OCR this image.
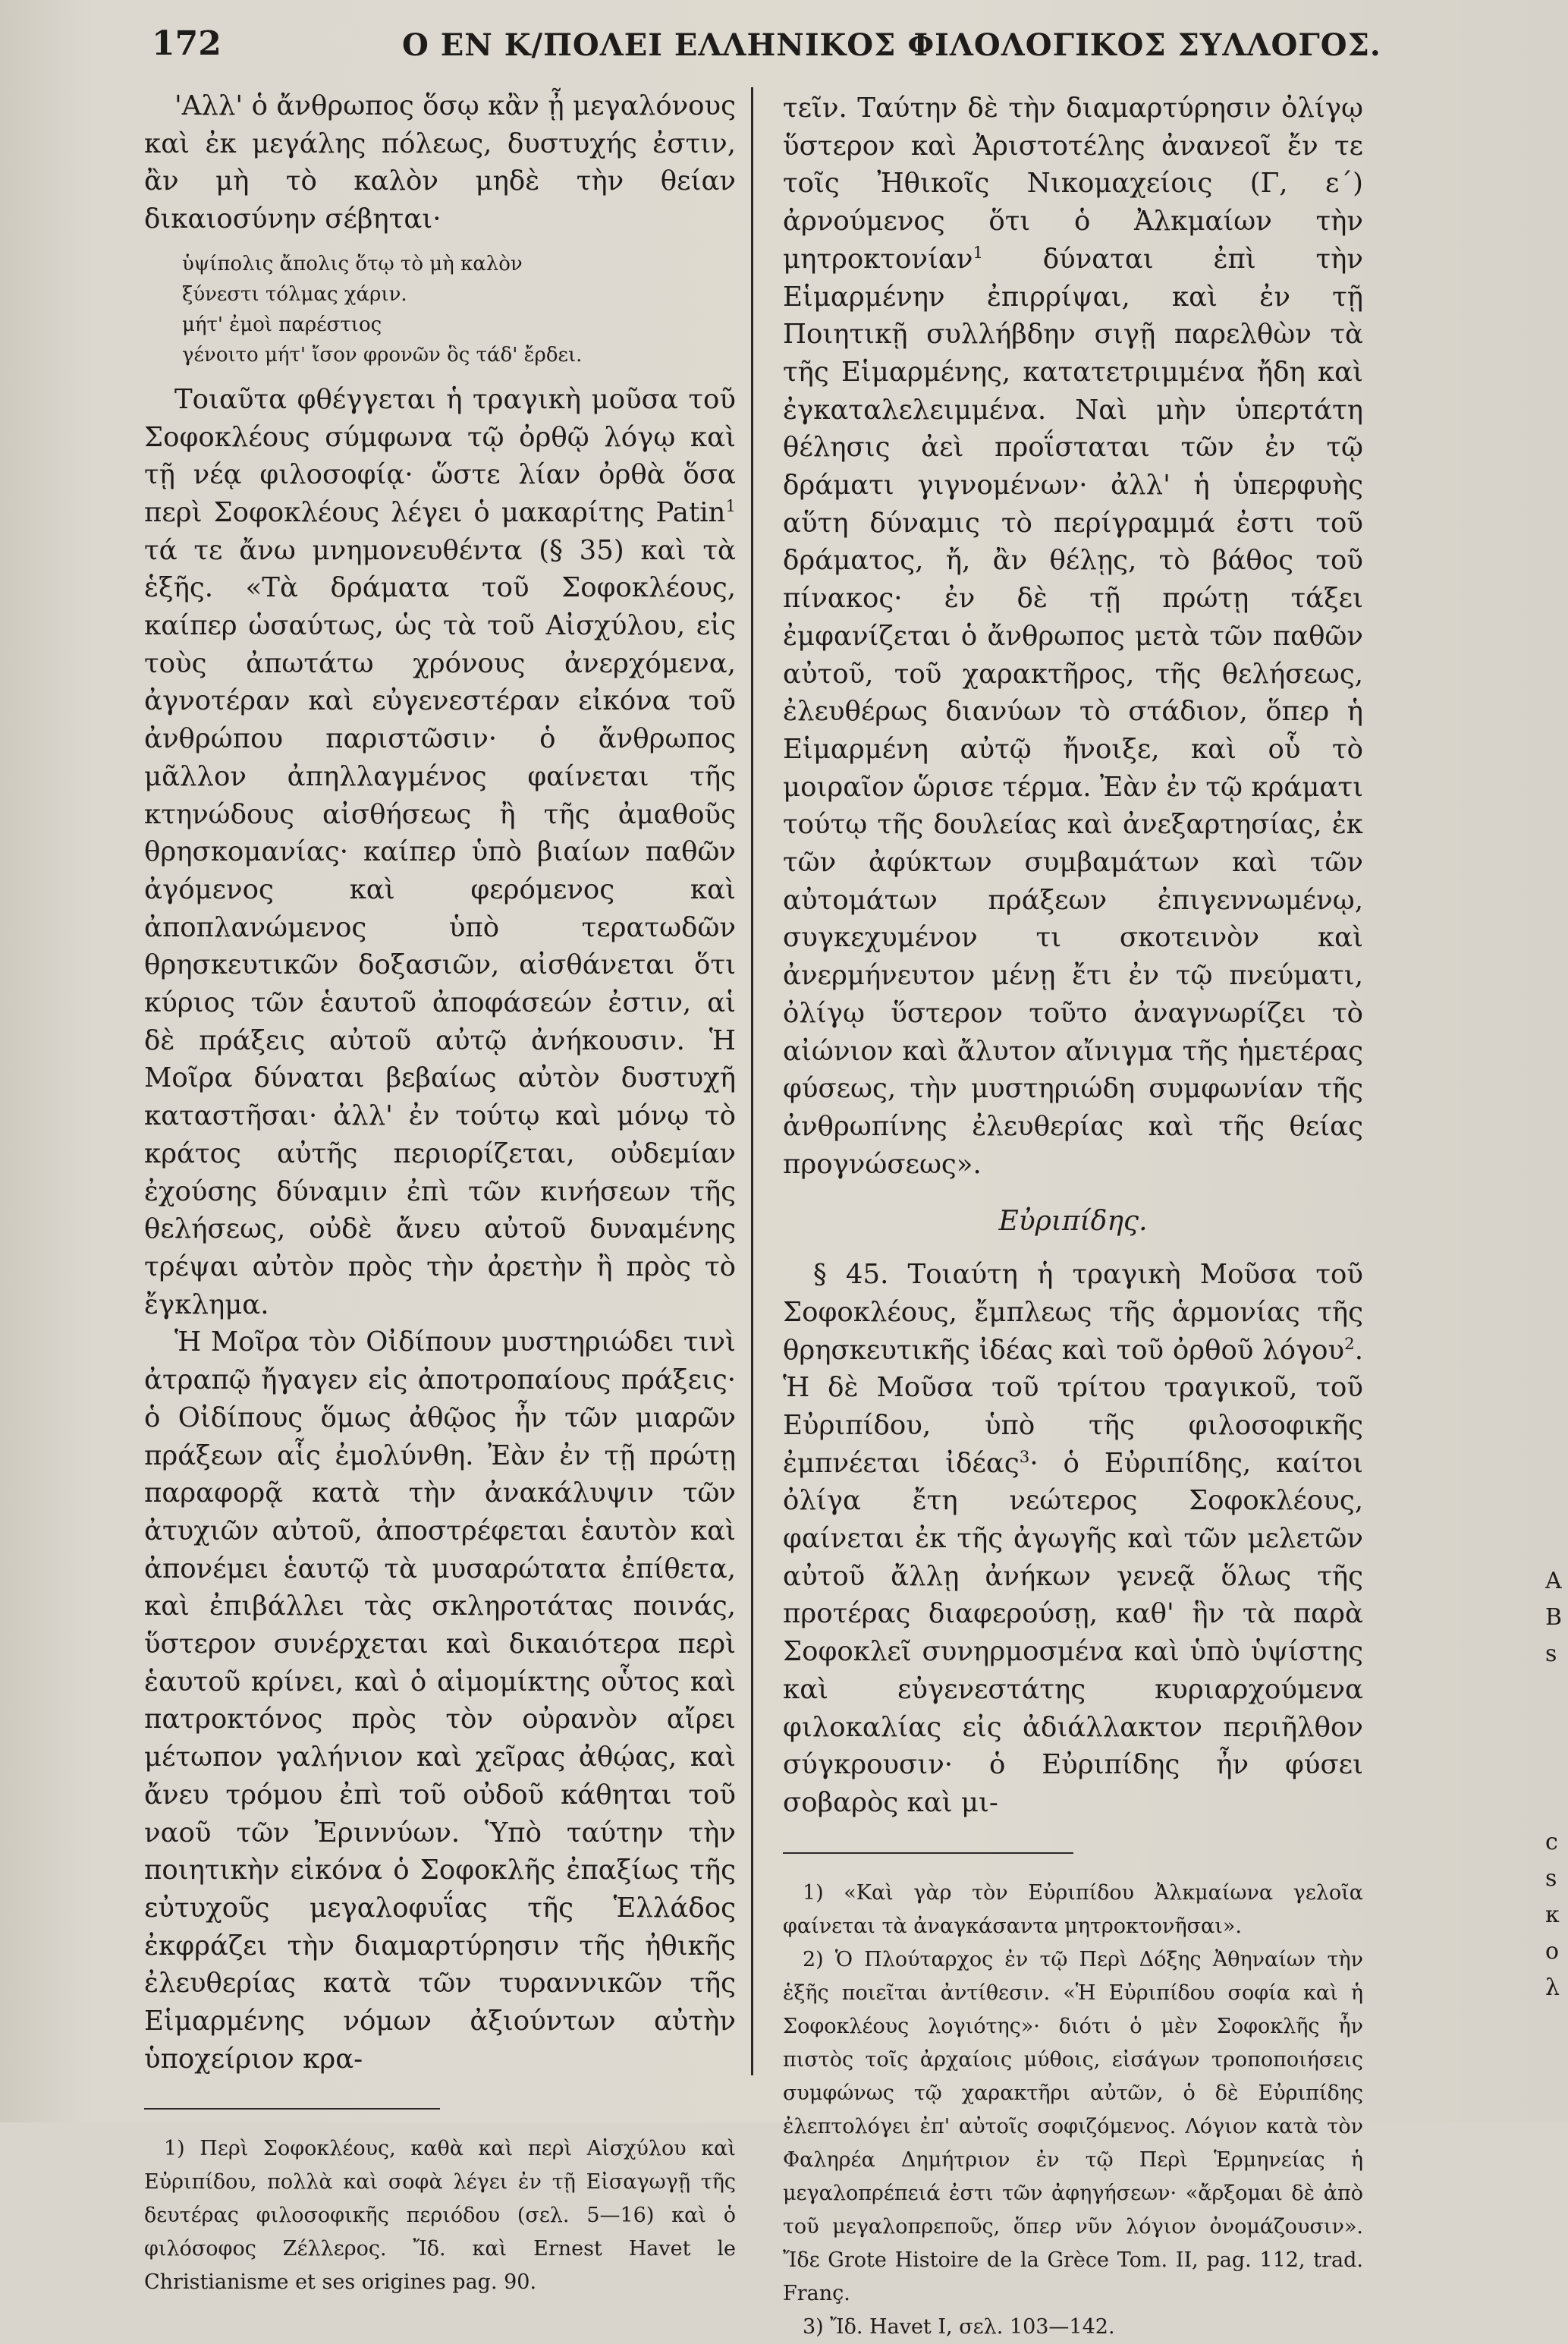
172	Ο ΕΝ Κ/ΠΟΛΕΙ ΕΛΛΗΝΙΚΟΣ ΦΙΛΟΛΟΓΙΚΟΣ ΣΥΛΛΟΓΟΣ.

'Αλλ' ὁ ἄνθρωπος ὅσῳ κἂν ᾖ μεγαλόνους καὶ ἐκ μεγάλης πόλεως, δυστυχής ἐστιν, ἂν μὴ τὸ καλὸν μηδὲ τὴν θείαν δικαιοσύνην σέβηται·

ὑψίπολις ἄπολις ὅτῳ τὸ μὴ καλὸν
ξύνεστι τόλμας χάριν.
μήτ' ἐμοὶ παρέστιος
γένοιτο μήτ' ἴσον φρονῶν ὃς τάδ' ἔρδει.

Τοιαῦτα φθέγγεται ἡ τραγικὴ μοῦσα τοῦ Σοφοκλέους σύμφωνα τῷ ὀρθῷ λόγῳ καὶ τῇ νέᾳ φιλοσοφίᾳ· ὥστε λίαν ὀρθὰ ὅσα περὶ Σοφοκλέους λέγει ὁ μακαρίτης Patin$^1$ τά τε ἄνω μνημονευθέντα (§ 35) καὶ τὰ ἑξῆς. «Τὰ δράματα τοῦ Σοφοκλέους, καίπερ ὡσαύτως, ὡς τὰ τοῦ Αἰσχύλου, εἰς τοὺς ἀπωτάτω χρόνους ἀνερχόμενα, ἀγνοτέραν καὶ εὐγενεστέραν εἰκόνα τοῦ ἀνθρώπου παριστῶσιν· ὁ ἄνθρωπος μᾶλλον ἀπηλλαγμένος φαίνεται τῆς κτηνώδους αἰσθήσεως ἢ τῆς ἀμαθοῦς θρησκομανίας· καίπερ ὑπὸ βιαίων παθῶν ἀγόμενος καὶ φερόμενος καὶ ἀποπλανώμενος ὑπὸ τερατωδῶν θρησκευτικῶν δοξασιῶν, αἰσθάνεται ὅτι κύριος τῶν ἑαυτοῦ ἀποφάσεών ἐστιν, αἱ δὲ πράξεις αὐτοῦ αὐτῷ ἀνήκουσιν. Ἡ Μοῖρα δύναται βεβαίως αὐτὸν δυστυχῆ καταστῆσαι· ἀλλ' ἐν τούτῳ καὶ μόνῳ τὸ κράτος αὐτῆς περιορίζεται, οὐδεμίαν ἐχούσης δύναμιν ἐπὶ τῶν κινήσεων τῆς θελήσεως, οὐδὲ ἄνευ αὐτοῦ δυναμένης τρέψαι αὐτὸν πρὸς τὴν ἀρετὴν ἢ πρὸς τὸ ἔγκλημα.

Ἡ Μοῖρα τὸν Οἰδίπουν μυστηριώδει τινὶ ἀτραπῷ ἤγαγεν εἰς ἀποτροπαίους πράξεις· ὁ Οἰδίπους ὅμως ἀθῷος ἦν τῶν μιαρῶν πράξεων αἷς ἐμολύνθη. Ἐὰν ἐν τῇ πρώτῃ παραφορᾷ κατὰ τὴν ἀνακάλυψιν τῶν ἀτυχιῶν αὐτοῦ, ἀποστρέφεται ἑαυτὸν καὶ ἀπονέμει ἑαυτῷ τὰ μυσαρώτατα ἐπίθετα, καὶ ἐπιβάλλει τὰς σκληροτάτας ποινάς, ὕστερον συνέρχεται καὶ δικαιότερα περὶ ἑαυτοῦ κρίνει, καὶ ὁ αἱμομίκτης οὗτος καὶ πατροκτόνος πρὸς τὸν οὐρανὸν αἴρει μέτωπον γαλήνιον καὶ χεῖρας ἀθῴας, καὶ ἄνευ τρόμου ἐπὶ τοῦ οὐδοῦ κάθηται τοῦ ναοῦ τῶν Ἐριννύων. Ὑπὸ ταύτην τὴν ποιητικὴν εἰκόνα ὁ Σοφοκλῆς ἐπαξίως τῆς εὐτυχοῦς μεγαλοφυΐας τῆς Ἑλλάδος ἐκφράζει τὴν διαμαρτύρησιν τῆς ἠθικῆς ἐλευθερίας κατὰ τῶν τυραννικῶν τῆς Εἱμαρμένης νόμων ἀξιούντων αὐτὴν ὑποχείριον κρα-

1) Περὶ Σοφοκλέους, καθὰ καὶ περὶ Αἰσχύλου καὶ Εὐριπίδου, πολλὰ καὶ σοφὰ λέγει ἐν τῇ Εἰσαγωγῇ τῆς δευτέρας φιλοσοφικῆς περιόδου (σελ. 5—16) καὶ ὁ φιλόσοφος Ζέλλερος. Ἴδ. καὶ Ernest Havet le Christianisme et ses origines pag. 90.

τεῖν. Ταύτην δὲ τὴν διαμαρτύρησιν ὀλίγῳ ὕστερον καὶ Ἀριστοτέλης ἀνανεοῖ ἔν τε τοῖς Ἠθικοῖς Νικομαχείοις (Γ, ε΄) ἀρνούμενος ὅτι ὁ Ἀλκμαίων τὴν μητροκτονίαν$^1$ δύναται ἐπὶ τὴν Εἱμαρμένην ἐπιρρίψαι, καὶ ἐν τῇ Ποιητικῇ συλλήβδην σιγῇ παρελθὼν τὰ τῆς Εἱμαρμένης, κατατετριμμένα ἤδη καὶ ἐγκαταλελειμμένα. Ναὶ μὴν ὑπερτάτη θέλησις ἀεὶ προΐσταται τῶν ἐν τῷ δράματι γιγνομένων· ἀλλ' ἡ ὑπερφυὴς αὕτη δύναμις τὸ περίγραμμά ἐστι τοῦ δράματος, ἤ, ἂν θέλῃς, τὸ βάθος τοῦ πίνακος· ἐν δὲ τῇ πρώτῃ τάξει ἐμφανίζεται ὁ ἄνθρωπος μετὰ τῶν παθῶν αὐτοῦ, τοῦ χαρακτῆρος, τῆς θελήσεως, ἐλευθέρως διανύων τὸ στάδιον, ὅπερ ἡ Εἱμαρμένη αὐτῷ ἤνοιξε, καὶ οὗ τὸ μοιραῖον ὥρισε τέρμα. Ἐὰν ἐν τῷ κράματι τούτῳ τῆς δουλείας καὶ ἀνεξαρτησίας, ἐκ τῶν ἀφύκτων συμβαμάτων καὶ τῶν αὐτομάτων πράξεων ἐπιγεννωμένῳ, συγκεχυμένον τι σκοτεινὸν καὶ ἀνερμήνευτον μένῃ ἔτι ἐν τῷ πνεύματι, ὀλίγῳ ὕστερον τοῦτο ἀναγνωρίζει τὸ αἰώνιον καὶ ἄλυτον αἴνιγμα τῆς ἡμετέρας φύσεως, τὴν μυστηριώδη συμφωνίαν τῆς ἀνθρωπίνης ἐλευθερίας καὶ τῆς θείας προγνώσεως».

Εὐριπίδης.

§ 45. Τοιαύτη ἡ τραγικὴ Μοῦσα τοῦ Σοφοκλέους, ἔμπλεως τῆς ἁρμονίας τῆς θρησκευτικῆς ἰδέας καὶ τοῦ ὀρθοῦ λόγου$^2$. Ἡ δὲ Μοῦσα τοῦ τρίτου τραγικοῦ, τοῦ Εὐριπίδου, ὑπὸ τῆς φιλοσοφικῆς ἐμπνέεται ἰδέας$^3$· ὁ Εὐριπίδης, καίτοι ὀλίγα ἔτη νεώτερος Σοφοκλέους, φαίνεται ἐκ τῆς ἀγωγῆς καὶ τῶν μελετῶν αὐτοῦ ἄλλῃ ἀνήκων γενεᾷ ὅλως τῆς προτέρας διαφερούσῃ, καθ' ἣν τὰ παρὰ Σοφοκλεῖ συνηρμοσμένα καὶ ὑπὸ ὑψίστης καὶ εὐγενεστάτης κυριαρχούμενα φιλοκαλίας εἰς ἀδιάλλακτον περιῆλθον σύγκρουσιν· ὁ Εὐριπίδης ἦν φύσει σοβαρὸς καὶ μι-

1) «Καὶ γὰρ τὸν Εὐριπίδου Ἀλκμαίωνα γελοῖα φαίνεται τὰ ἀναγκάσαντα μητροκτονῆσαι».

2) Ὁ Πλούταρχος ἐν τῷ Περὶ Δόξης Ἀθηναίων τὴν ἑξῆς ποιεῖται ἀντίθεσιν. «Ἡ Εὐριπίδου σοφία καὶ ἡ Σοφοκλέους λογιότης»· διότι ὁ μὲν Σοφοκλῆς ἦν πιστὸς τοῖς ἀρχαίοις μύθοις, εἰσάγων τροποποιήσεις συμφώνως τῷ χαρακτῆρι αὐτῶν, ὁ δὲ Εὐριπίδης ἐλεπτολόγει ἐπ' αὐτοῖς σοφιζόμενος. Λόγιον κατὰ τὸν Φαληρέα Δημήτριον ἐν τῷ Περὶ Ἑρμηνείας ἡ μεγαλοπρέπειά ἐστι τῶν ἀφηγήσεων· «ἄρξομαι δὲ ἀπὸ τοῦ μεγαλοπρεποῦς, ὅπερ νῦν λόγιον ὀνομάζουσιν». Ἴδε Grote Histoire de la Grèce Tom. II, pag. 112, trad. Franç.

3) Ἴδ. Havet I, σελ. 103—142.

A
B
s
c
s
κ
ο
λ
